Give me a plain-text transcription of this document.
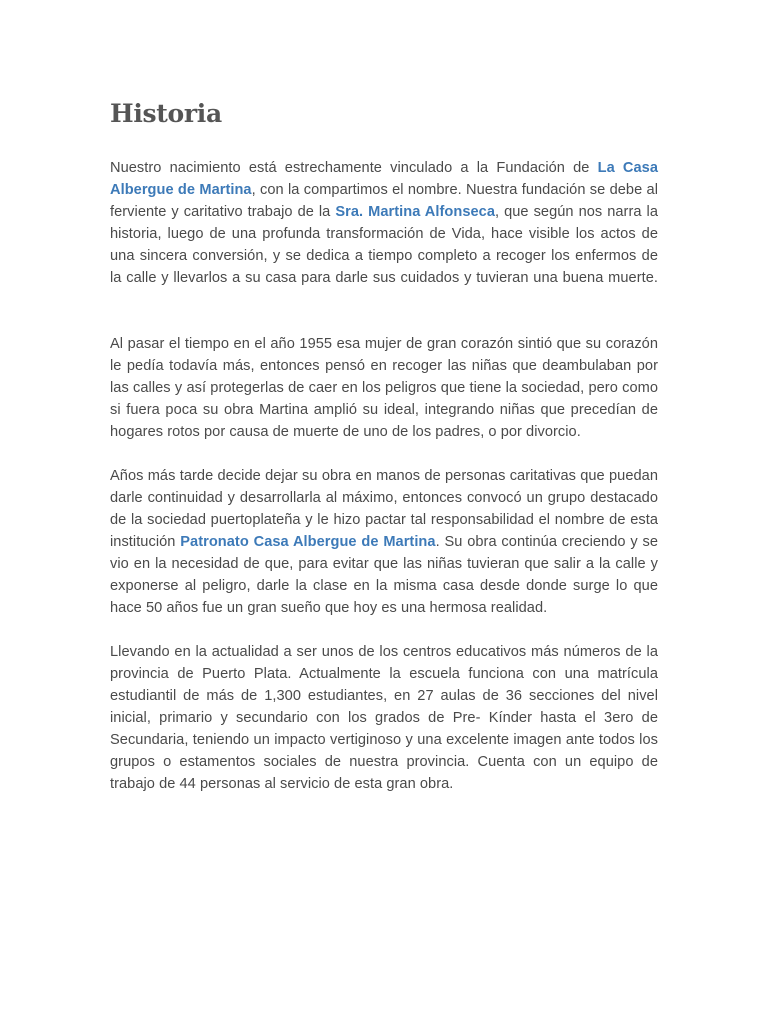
Historia

Nuestro nacimiento está estrechamente vinculado a la Fundación de La Casa Albergue de Martina, con la compartimos el nombre. Nuestra fundación se debe al ferviente y caritativo trabajo de la Sra. Martina Alfonseca, que según nos narra la historia, luego de una profunda transformación de Vida, hace visible los actos de una sincera conversión, y se dedica a tiempo completo a recoger los enfermos de la calle y llevarlos a su casa para darle sus cuidados y tuvieran una buena muerte.

Al pasar el tiempo en el año 1955 esa mujer de gran corazón sintió que su corazón le pedía todavía más, entonces pensó en recoger las niñas que deambulaban por las calles y así protegerlas de caer en los peligros que tiene la sociedad, pero como si fuera poca su obra Martina amplió su ideal, integrando niñas que precedían de hogares rotos por causa de muerte de uno de los padres, o por divorcio.

Años más tarde decide dejar su obra en manos de personas caritativas que puedan darle continuidad y desarrollarla al máximo, entonces convocó un grupo destacado de la sociedad puertoplateña y le hizo pactar tal responsabilidad el nombre de esta institución Patronato Casa Albergue de Martina. Su obra continúa creciendo y se vio en la necesidad de que, para evitar que las niñas tuvieran que salir a la calle y exponerse al peligro, darle la clase en la misma casa desde donde surge lo que hace 50 años fue un gran sueño que hoy es una hermosa realidad.

Llevando en la actualidad a ser unos de los centros educativos más números de la provincia de Puerto Plata. Actualmente la escuela funciona con una matrícula estudiantil de más de 1,300 estudiantes, en 27 aulas de 36 secciones del nivel inicial, primario y secundario con los grados de Pre- Kínder hasta el 3ero de Secundaria, teniendo un impacto vertiginoso y una excelente imagen ante todos los grupos o estamentos sociales de nuestra provincia. Cuenta con un equipo de trabajo de 44 personas al servicio de esta gran obra.
